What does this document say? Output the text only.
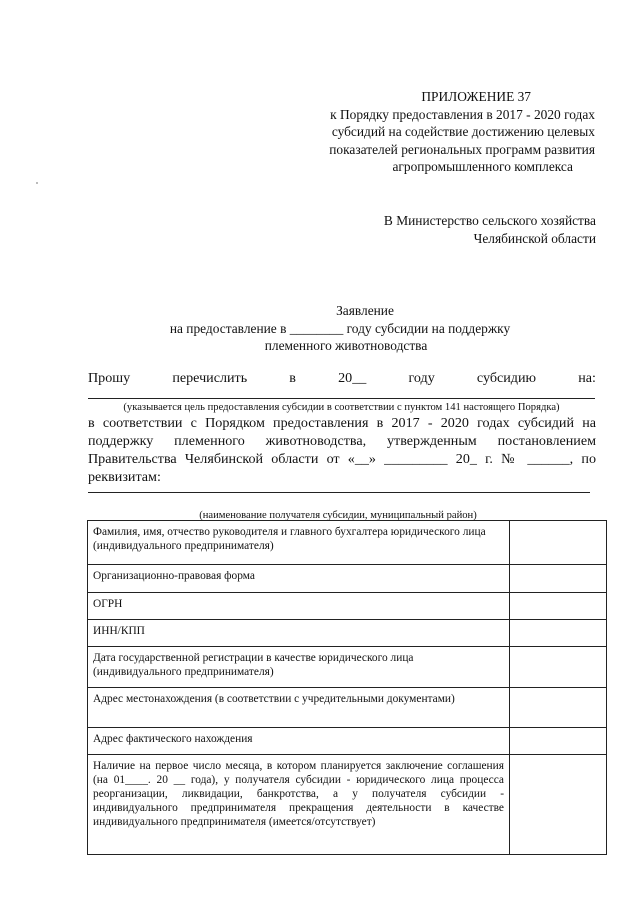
ПРИЛОЖЕНИЕ 37
к Порядку предоставления в 2017 - 2020 годах
субсидий на содействие достижению целевых
показателей региональных программ развития
агропромышленного комплекса
В Министерство сельского хозяйства
Челябинской области
Заявление
на предоставление в ________ году субсидии на поддержку
племенного животноводства
Прошу	перечислить	в	20__	году	субсидию	на:
(указывается цель предоставления субсидии в соответствии с пунктом 141 настоящего Порядка)
в соответствии с Порядком предоставления в 2017 - 2020 годах субсидий на
поддержку племенного животноводства, утвержденным постановлением
Правительства Челябинской области от «__» _________ 20_ г. № ______, по
реквизитам:
(наименование получателя субсидии, муниципальный район)
Фамилия, имя, отчество руководителя и главного бухгалтера юридического лица (индивидуального предпринимателя)	
Организационно-правовая форма	
ОГРН	
ИНН/КПП	
Дата государственной регистрации в качестве юридического лица (индивидуального предпринимателя)	
Адрес местонахождения (в соответствии с учредительными документами)	
Адрес фактического нахождения	
Наличие на первое число месяца, в котором планируется заключение соглашения (на 01____. 20 __ года), у получателя субсидии - юридического лица процесса реорганизации, ликвидации, банкротства, а у получателя субсидии - индивидуального предпринимателя прекращения деятельности в качестве индивидуального предпринимателя (имеется/отсутствует)	
